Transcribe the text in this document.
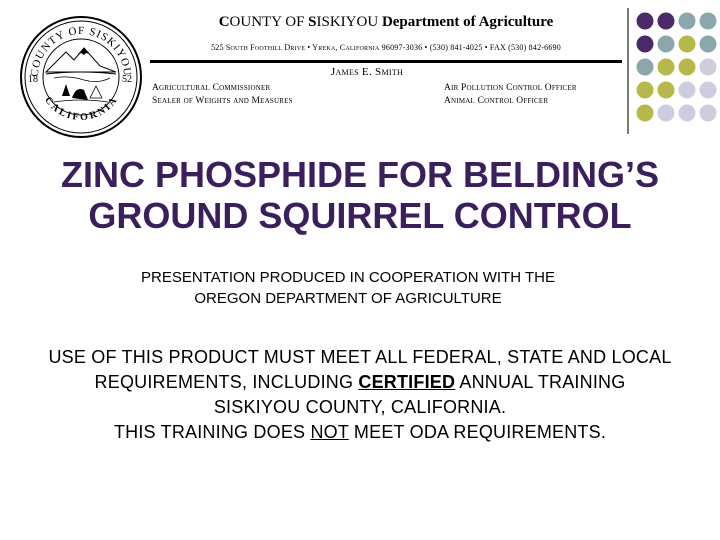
COUNTY OF SISKIYOU
CALIFORNIA
18	52
COUNTY OF SISKIYOU Department of Agriculture
525 South Foothill Drive • Yreka, California 96097-3036 • (530) 841-4025 • FAX (530) 842-6690
James E. Smith
Agricultural Commissioner
Sealer of Weights and Measures
Air Pollution Control Officer
Animal Control Officer
ZINC PHOSPHIDE FOR BELDING’S
GROUND SQUIRREL CONTROL
PRESENTATION PRODUCED IN COOPERATION WITH THE
OREGON DEPARTMENT OF AGRICULTURE
USE OF THIS PRODUCT MUST MEET ALL FEDERAL, STATE AND LOCAL
REQUIREMENTS, INCLUDING CERTIFIED ANNUAL TRAINING
SISKIYOU COUNTY, CALIFORNIA.
THIS TRAINING DOES NOT MEET ODA REQUIREMENTS.
